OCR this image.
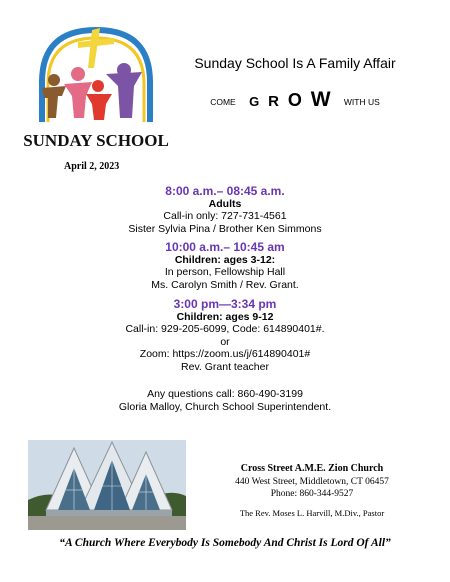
SUNDAY SCHOOL
Sunday School Is A Family Affair
COME G R O W WITH US
April 2, 2023
8:00 a.m.– 08:45 a.m.
Adults
Call-in only: 727-731-4561
Sister Sylvia Pina / Brother Ken Simmons
10:00 a.m.– 10:45 am
Children: ages 3-12:
In person, Fellowship Hall
Ms. Carolyn Smith / Rev. Grant.
3:00 pm—3:34 pm
Children: ages 9-12
Call-in: 929-205-6099, Code: 614890401#.
or
Zoom: https://zoom.us/j/614890401#
Rev. Grant teacher
Any questions call: 860-490-3199
Gloria Malloy, Church School Superintendent.
Cross Street A.M.E. Zion Church
440 West Street, Middletown, CT 06457
Phone: 860-344-9527
The Rev. Moses L. Harvill, M.Div., Pastor
“A Church Where Everybody Is Somebody And Christ Is Lord Of All”
